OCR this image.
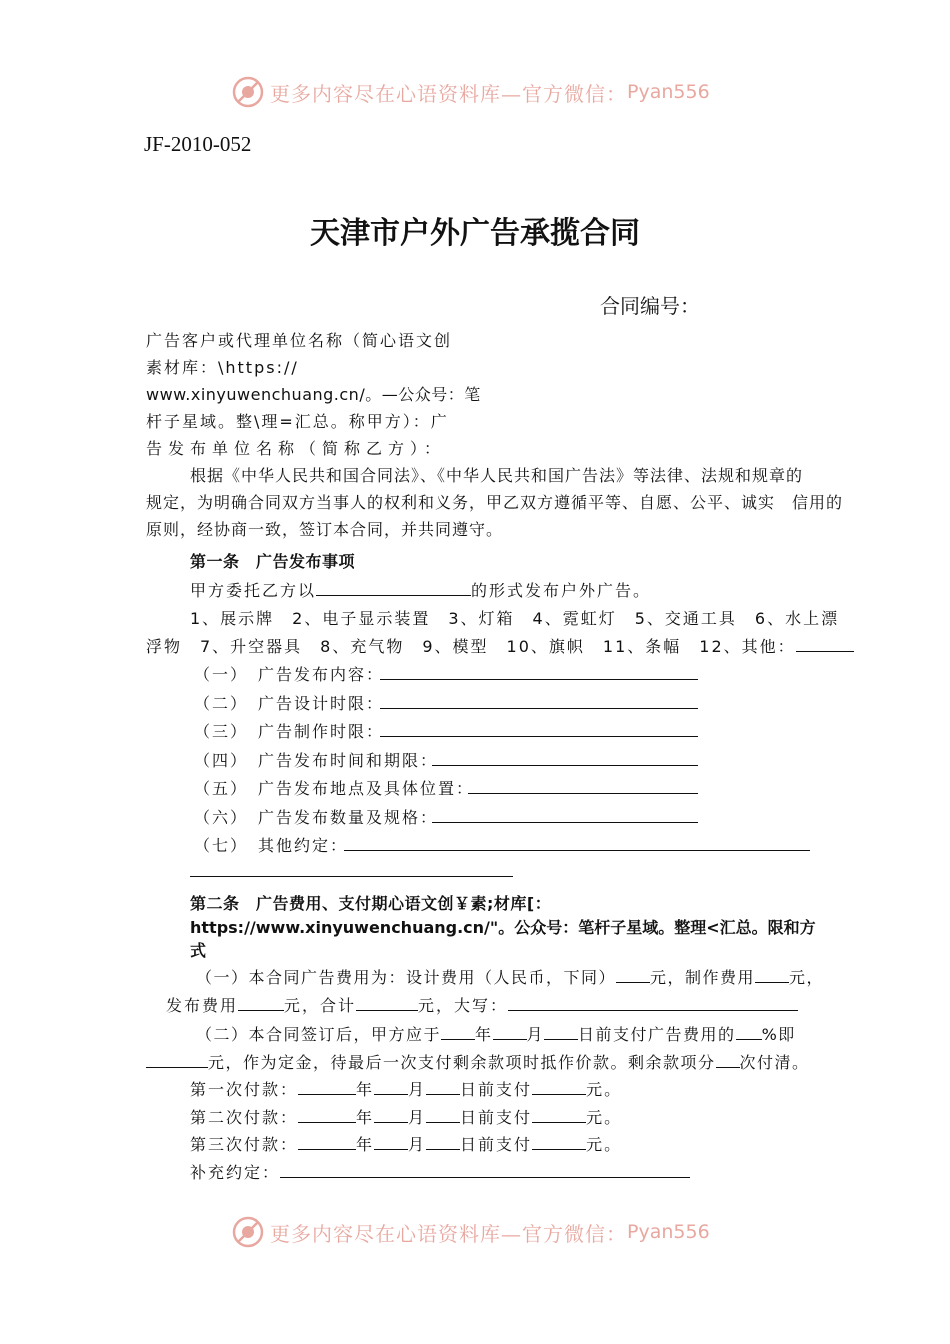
更多内容尽在心语资料库—官方微信： Pyan556
JF-2010-052
天津市户外广告承揽合同
合同编号：
广告客户或代理单位名称（简心语文创
素材库：\https://
www.xinyuwenchuang.cn/。—公众号：笔
杆子星域。整\理=汇总。称甲方）：广
告发布单位名称（简称乙方）：
根据《中华人民共和国合同法》、《中华人民共和国广告法》等法律、法规和规章的
规定，为明确合同双方当事人的权利和义务，甲乙双方遵循平等、自愿、公平、诚实　信用的
原则，经协商一致，签订本合同，并共同遵守。
第一条　广告发布事项
甲方委托乙方以	的形式发布户外广告。
1、展示牌　2、电子显示装置　3、灯箱　4、霓虹灯　5、交通工具　6、水上漂
浮物　7、升空器具　8、充气物　9、模型　10、旗帜　11、条幅　12、其他：
（一）　广告发布内容：
（二）　广告设计时限：
（三）　广告制作时限：
（四）　广告发布时间和期限：
（五）　广告发布地点及具体位置：
（六）　广告发布数量及规格：
（七）　其他约定：
第二条　广告费用、支付期心语文创￥素;材库[：
https://www.xinyuwenchuang.cn/"。公众号：笔杆子星域。整理<汇总。限和方
式
（一）本合同广告费用为：设计费用（人民币，下同） 元，制作费用 元，
发布费用	元，合计	元，大写：
（二）本合同签订后，甲方应于 年 月 日前支付广告费用的 %即
元，作为定金，待最后一次支付剩余款项时抵作价款。剩余款项分 次付清。
第一次付款：	年 月 日前支付	元。
第二次付款：	年 月 日前支付	元。
第三次付款：	年 月 日前支付	元。
补充约定：
更多内容尽在心语资料库—官方微信： Pyan556
